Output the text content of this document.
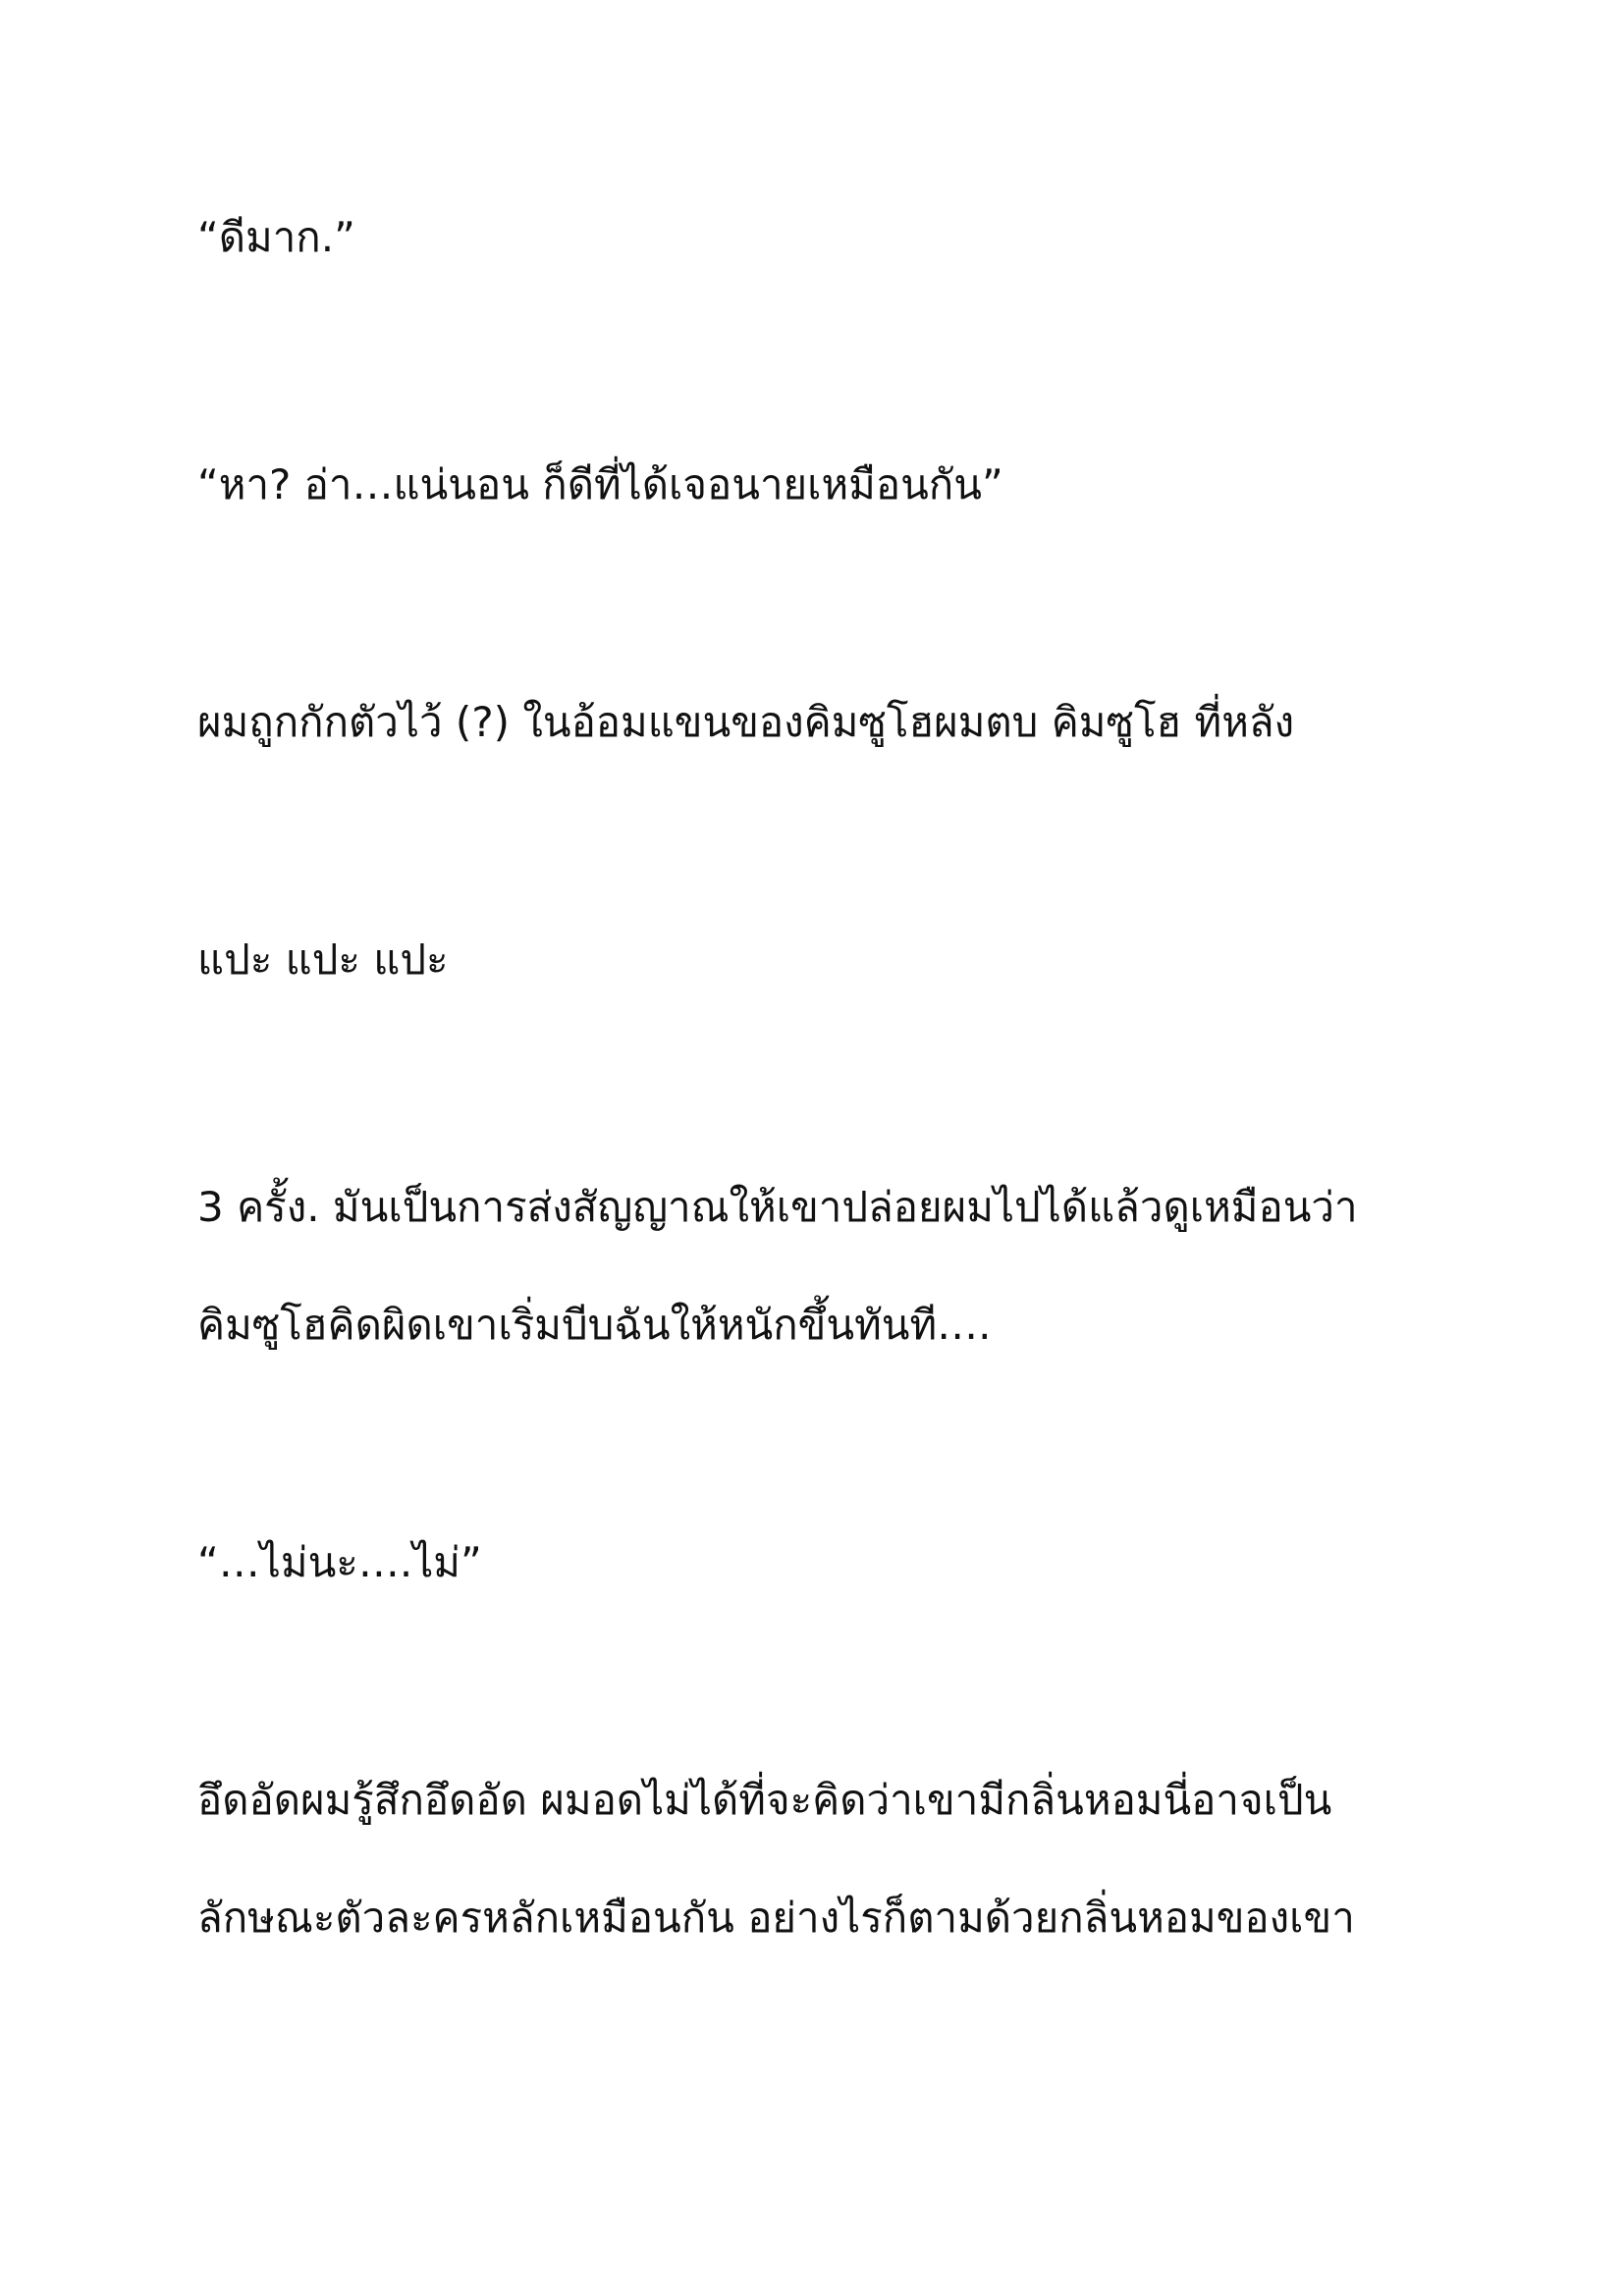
“ดีมาก.”
“หา? อ่า…แน่นอน ก็ดีที่ได้เจอนายเหมือนกัน”
ผมถูกกักตัวไว้ (?) ในอ้อมแขนของคิมซูโฮผมตบ คิมซูโฮ ที่หลัง
แปะ แปะ แปะ
3 ครั้ง. มันเป็นการส่งสัญญาณให้เขาปล่อยผมไปได้แล้วดูเหมือนว่า
คิมซูโฮคิดผิดเขาเริ่มบีบฉันให้หนักขึ้นทันที….
“…ไม่นะ….ไม่”
อึดอัดผมรู้สึกอึดอัด ผมอดไม่ได้ที่จะคิดว่าเขามีกลิ่นหอมนี่อาจเป็น
ลักษณะตัวละครหลักเหมือนกัน อย่างไรก็ตามด้วยกลิ่นหอมของเขา
